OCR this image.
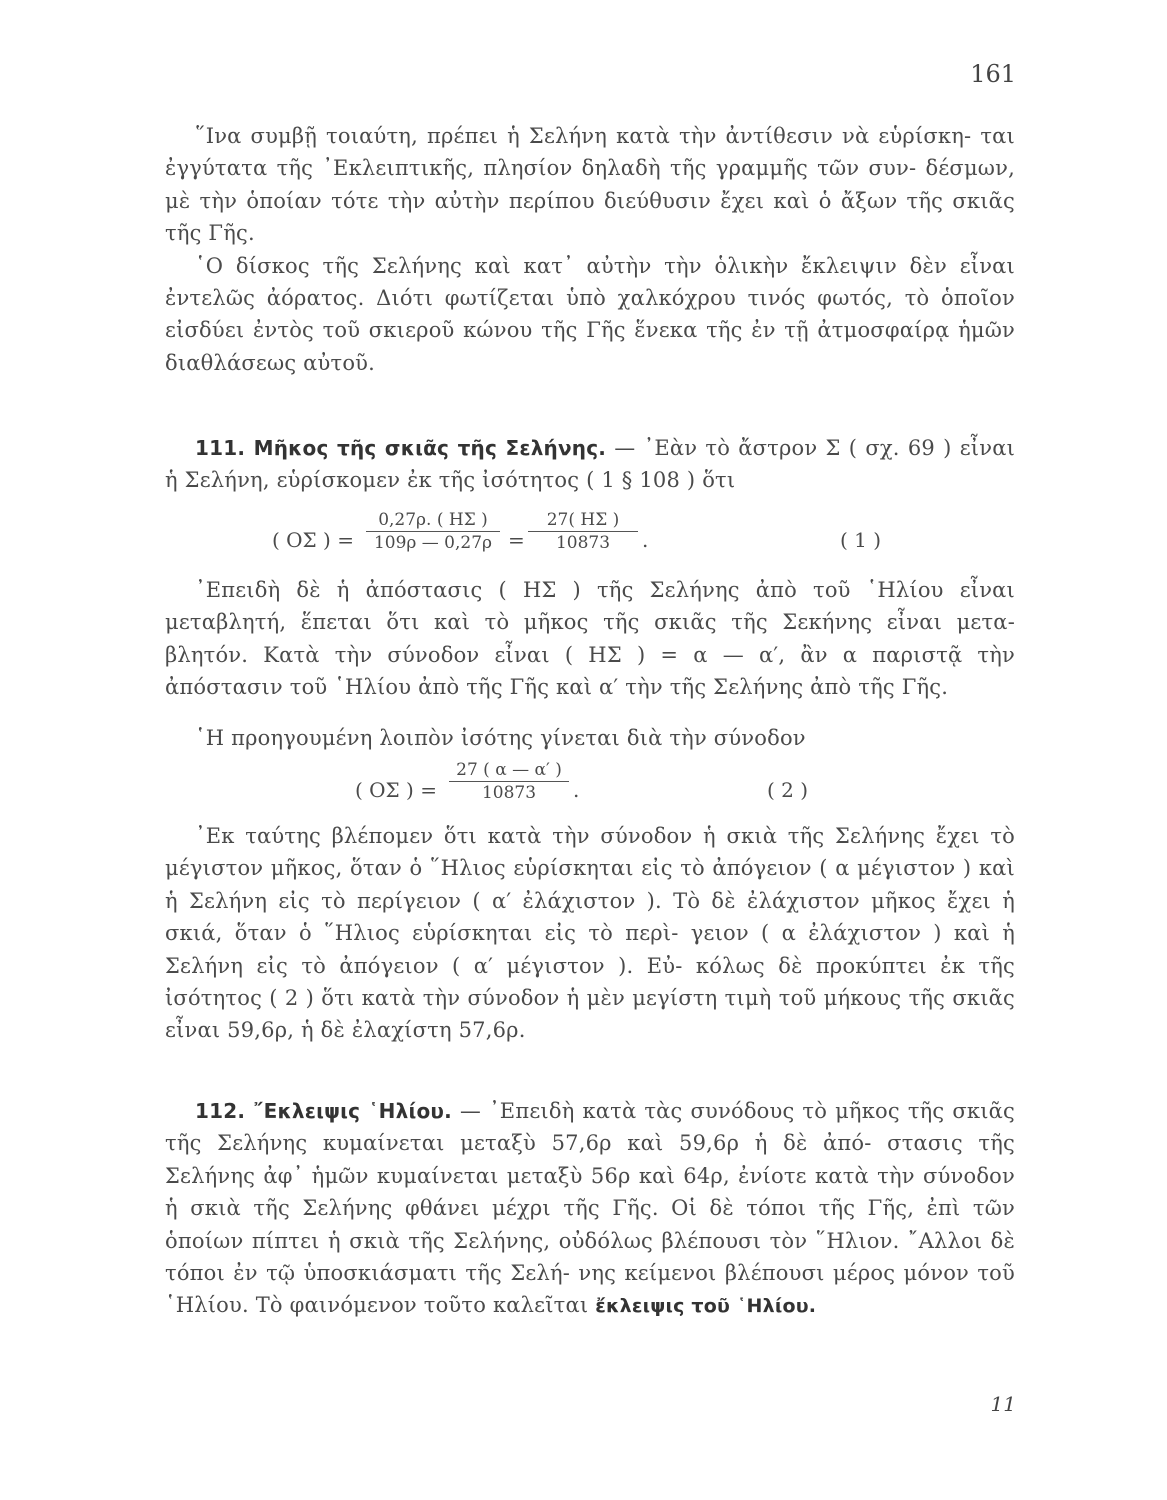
161

῞Ινα συμβῇ τοιαύτη, πρέπει ἡ Σελήνη κατὰ τὴν ἀντίθεσιν νὰ εὑρίσκη- ται ἐγγύτατα τῆς ᾿Εκλειπτικῆς, πλησίον δηλαδὴ τῆς γραμμῆς τῶν συν- δέσμων, μὲ τὴν ὁποίαν τότε τὴν αὐτὴν περίπου διεύθυσιν ἔχει καὶ ὁ ἄξων τῆς σκιᾶς τῆς Γῆς.

῾Ο δίσκος τῆς Σελήνης καὶ κατ᾽ αὐτὴν τὴν ὁλικὴν ἔκλειψιν δὲν εἶναι ἐντελῶς ἀόρατος. Διότι φωτίζεται ὑπὸ χαλκόχρου τινός φωτός, τὸ ὁποῖον εἰσδύει ἐντὸς τοῦ σκιεροῦ κώνου τῆς Γῆς ἕνεκα τῆς ἐν τῇ ἀτμοσφαίρᾳ ἡμῶν διαθλάσεως αὐτοῦ.

111. Μῆκος τῆς σκιᾶς τῆς Σελήνης. — ᾿Εὰν τὸ ἄστρον Σ ( σχ. 69 ) εἶναι ἡ Σελήνη, εὑρίσκομεν ἐκ τῆς ἰσότητος ( 1 § 108 ) ὅτι

( ΟΣ ) =
0,27ρ. ( ΗΣ )
109ρ — 0,27ρ =
27( ΗΣ )
10873	.	( 1 )

᾿Επειδὴ δὲ ἡ ἀπόστασις ( ΗΣ ) τῆς Σελήνης ἀπὸ τοῦ ῾Ηλίου εἶναι μεταβλητή, ἕπεται ὅτι καὶ τὸ μῆκος τῆς σκιᾶς τῆς Σεκήνης εἶναι μετα- βλητόν. Κατὰ τὴν σύνοδον εἶναι ( ΗΣ ) = α — α′, ἂν α παριστᾷ τὴν ἀπόστασιν τοῦ ῾Ηλίου ἀπὸ τῆς Γῆς καὶ α′ τὴν τῆς Σελήνης ἀπὸ τῆς Γῆς.

῾Η προηγουμένη λοιπὸν ἰσότης γίνεται διὰ τὴν σύνοδον

( ΟΣ ) =
27 ( α — α′ )
10873	.	( 2 )

᾿Εκ ταύτης βλέπομεν ὅτι κατὰ τὴν σύνοδον ἡ σκιὰ τῆς Σελήνης ἔχει τὸ μέγιστον μῆκος, ὅταν ὁ ῞Ηλιος εὑρίσκηται εἰς τὸ ἀπόγειον ( α μέγιστον ) καὶ ἡ Σελήνη εἰς τὸ περίγειον ( α′ ἐλάχιστον ). Τὸ δὲ ἐλάχιστον μῆκος ἔχει ἡ σκιά, ὅταν ὁ ῞Ηλιος εὑρίσκηται εἰς τὸ περὶ- γειον ( α ἐλάχιστον ) καὶ ἡ Σελήνη εἰς τὸ ἀπόγειον ( α′ μέγιστον ). Εὐ- κόλως δὲ προκύπτει ἐκ τῆς ἰσότητος ( 2 ) ὅτι κατὰ τὴν σύνοδον ἡ μὲν μεγίστη τιμὴ τοῦ μήκους τῆς σκιᾶς εἶναι 59,6ρ, ἡ δὲ ἐλαχίστη 57,6ρ.

112. ῎Εκλειψις ῾Ηλίου. — ᾿Επειδὴ κατὰ τὰς συνόδους τὸ μῆκος τῆς σκιᾶς τῆς Σελήνης κυμαίνεται μεταξὺ 57,6ρ καὶ 59,6ρ ἡ δὲ ἀπό- στασις τῆς Σελήνης ἀφ᾽ ἡμῶν κυμαίνεται μεταξὺ 56ρ καὶ 64ρ, ἐνίοτε κατὰ τὴν σύνοδον ἡ σκιὰ τῆς Σελήνης φθάνει μέχρι τῆς Γῆς. Οἱ δὲ τόποι τῆς Γῆς, ἐπὶ τῶν ὁποίων πίπτει ἡ σκιὰ τῆς Σελήνης, οὐδόλως βλέπουσι τὸν ῞Ηλιον. ῎Αλλοι δὲ τόποι ἐν τῷ ὑποσκιάσματι τῆς Σελή- νης κείμενοι βλέπουσι μέρος μόνον τοῦ ῾Ηλίου. Τὸ φαινόμενον τοῦτο καλεῖται ἔκλειψις τοῦ ῾Ηλίου.

11
